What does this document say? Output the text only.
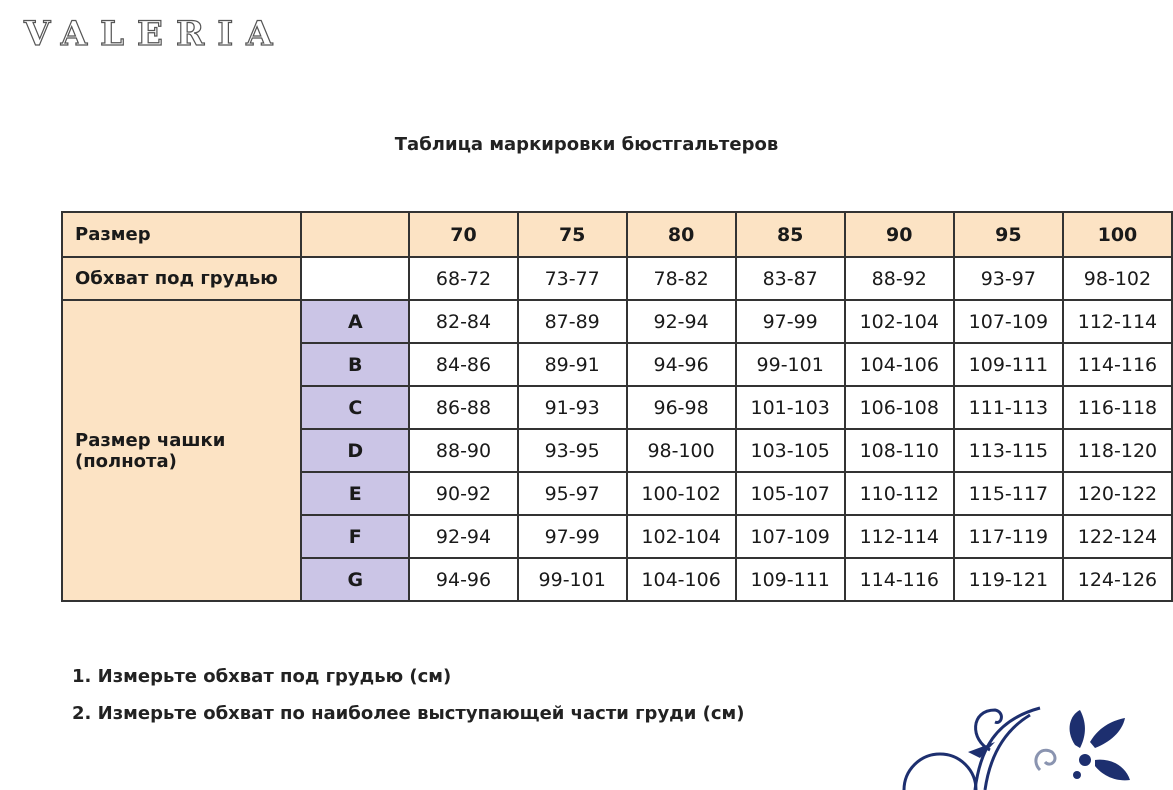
VALERIA
Таблица маркировки бюстгальтеров
Размер		70	75	80	85	90	95	100
Обхват под грудью		68-72	73-77	78-82	83-87	88-92	93-97	98-102

Размер чашки
(полнота)	A	82-84	87-89	92-94	97-99	102-104	107-109	112-114
	B	84-86	89-91	94-96	99-101	104-106	109-111	114-116
	C	86-88	91-93	96-98	101-103	106-108	111-113	116-118
	D	88-90	93-95	98-100	103-105	108-110	113-115	118-120
	E	90-92	95-97	100-102	105-107	110-112	115-117	120-122
	F	92-94	97-99	102-104	107-109	112-114	117-119	122-124
	G	94-96	99-101	104-106	109-111	114-116	119-121	124-126
1. Измерьте обхват под грудью (см)
2. Измерьте обхват по наиболее выступающей части груди (см)
